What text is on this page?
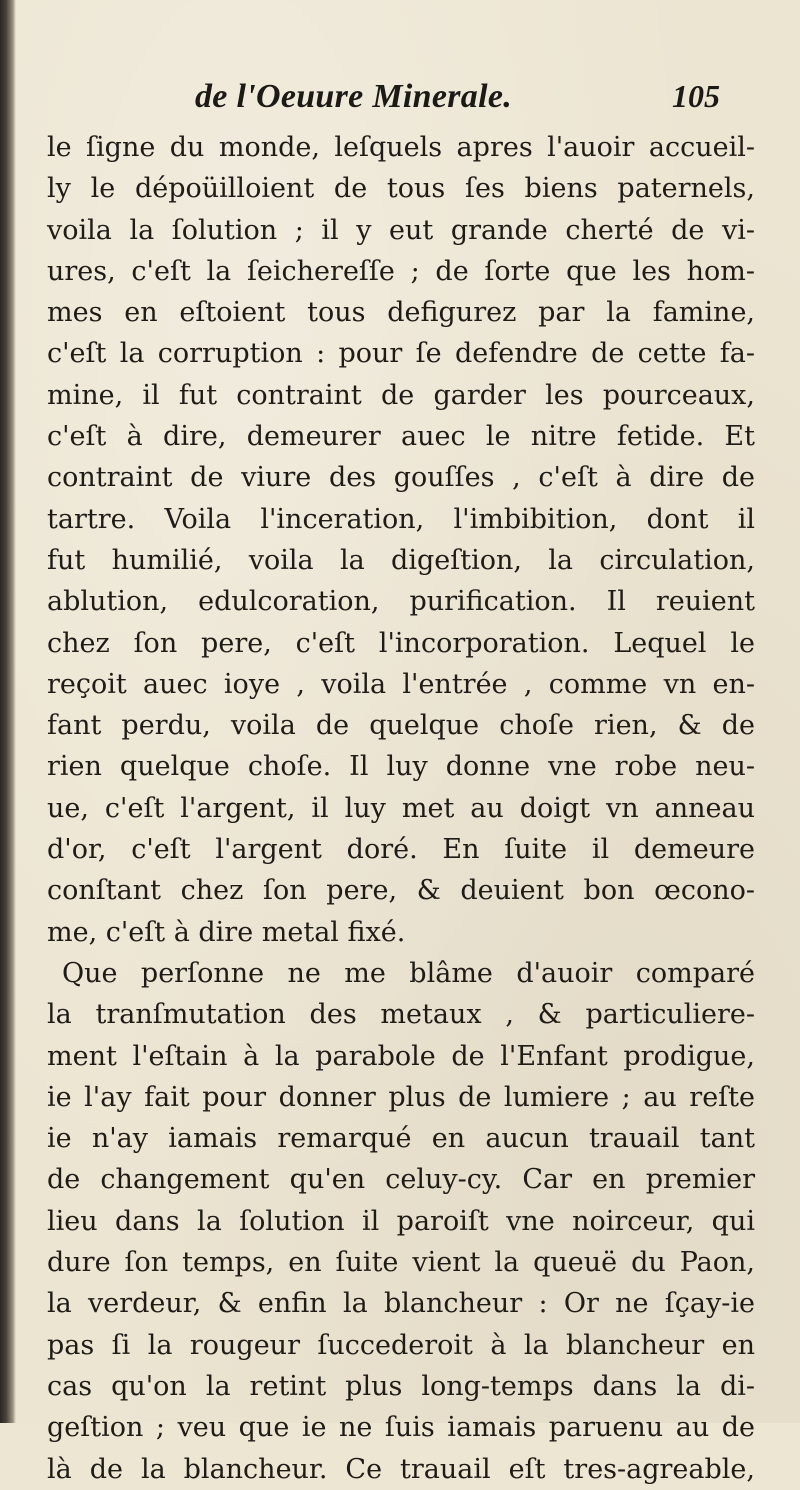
de l'Oeuure Minerale.	105
le ſigne du monde, leſquels apres l'auoir accueil-
ly le dépoüilloient de tous ſes biens paternels,
voila la ſolution ; il y eut grande cherté de vi-
ures, c'eſt la ſeichereſſe ; de ſorte que les hom-
mes en eſtoient tous defigurez par la famine,
c'eſt la corruption : pour ſe defendre de cette fa-
mine, il fut contraint de garder les pourceaux,
c'eſt à dire, demeurer auec le nitre fetide. Et
contraint de viure des gouſſes , c'eſt à dire de
tartre. Voila l'inceration, l'imbibition, dont il
fut humilié, voila la digeſtion, la circulation,
ablution, edulcoration, purification. Il reuient
chez ſon pere, c'eſt l'incorporation. Lequel le
reçoit auec ioye , voila l'entrée , comme vn en-
fant perdu, voila de quelque choſe rien, & de
rien quelque choſe. Il luy donne vne robe neu-
ue, c'eſt l'argent, il luy met au doigt vn anneau
d'or, c'eſt l'argent doré. En ſuite il demeure
conſtant chez ſon pere, & deuient bon œcono-
me, c'eſt à dire metal fixé.
Que perſonne ne me blâme d'auoir comparé
la tranſmutation des metaux , & particuliere-
ment l'eſtain à la parabole de l'Enfant prodigue,
ie l'ay fait pour donner plus de lumiere ; au reſte
ie n'ay iamais remarqué en aucun trauail tant
de changement qu'en celuy-cy. Car en premier
lieu dans la ſolution il paroiſt vne noirceur, qui
dure ſon temps, en ſuite vient la queuë du Paon,
la verdeur, & enfin la blancheur : Or ne ſçay-ie
pas ſi la rougeur ſuccederoit à la blancheur en
cas qu'on la retint plus long-temps dans la di-
geſtion ; veu que ie ne ſuis iamais paruenu au de
là de la blancheur. Ce trauail eſt tres-agreable,
